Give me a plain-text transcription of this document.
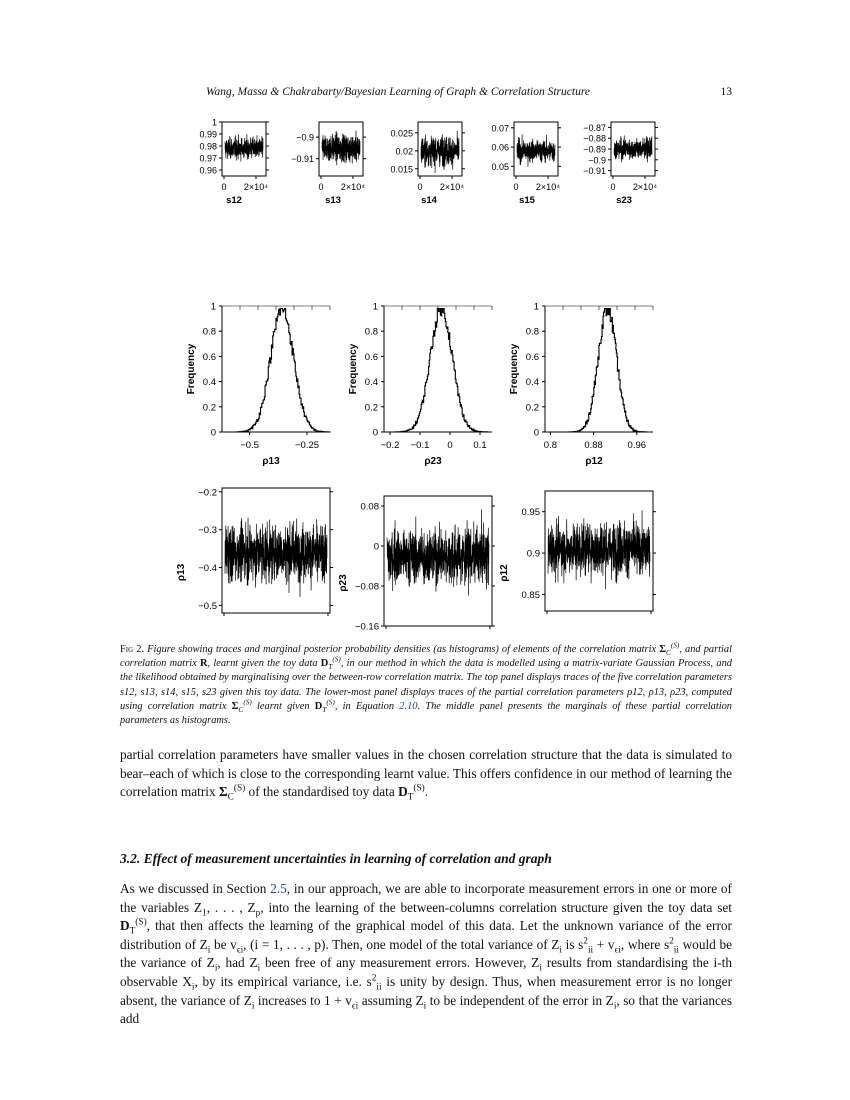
Wang, Massa & Chakrabarty/Bayesian Learning of Graph & Correlation Structure	13
1
0.99
0.98
0.97
0.96
0 2×10⁴
s12
−0.9
−0.91
0 2×10⁴
s13
0.025
0.02
0.015
0 2×10⁴
s14
0.07
0.06
0.05
0 2×10⁴
s15
−0.87
−0.88
−0.89
−0.9
−0.91
0 2×10⁴
s23
1
0.8
0.6
0.4
0.2
0
−0.5	−0.25
Frequency
ρ13
1
0.8
0.6
0.4
0.2
0
−0.2 −0.1 0 0.1
Frequency
ρ23
1
0.8
0.6
0.4
0.2
0
0.8	0.88	0.96
Frequency
ρ12
−0.2
−0.3
−0.4
−0.5
ρ13
0.08
0
−0.08
−0.16
ρ23
0.95
0.9
0.85
ρ12
Fig 2. Figure showing traces and marginal posterior probability densities (as histograms) of elements of the correlation matrix $\Sigma_C^{(S)}$, and partial correlation matrix R, learnt given the toy data $D_T^{(S)}$, in our method in which the data is modelled using a matrix-variate Gaussian Process, and the likelihood obtained by marginalising over the between-row correlation matrix. The top panel displays traces of the five correlation parameters s12, s13, s14, s15, s23 given this toy data. The lower-most panel displays traces of the partial correlation parameters ρ12, ρ13, ρ23, computed using correlation matrix $\Sigma_C^{(S)}$ learnt given $D_T^{(S)}$, in Equation 2.10. The middle panel presents the marginals of these partial correlation parameters as histograms.
partial correlation parameters have smaller values in the chosen correlation structure that the data is simulated to bear–each of which is close to the corresponding learnt value. This offers confidence in our method of learning the correlation matrix $\Sigma_C^{(S)}$ of the standardised toy data $D_T^{(S)}$.
3.2. Effect of measurement uncertainties in learning of correlation and graph
As we discussed in Section 2.5, in our approach, we are able to incorporate measurement errors in one or more of the variables $Z_1$, . . . , $Z_p$, into the learning of the between-columns correlation structure given the toy data set $D_T^{(S)}$, that then affects the learning of the graphical model of this data. Let the unknown variance of the error distribution of $Z_i$ be $v_{\epsilon i}$, (i = 1, . . . , p). Then, one model of the total variance of $Z_i$ is $s^2_{ii} + v_{\epsilon i}$, where $s^2_{ii}$ would be the variance of $Z_i$, had $Z_i$ been free of any measurement errors. However, $Z_i$ results from standardising the i-th observable $X_i$, by its empirical variance, i.e. $s^2_{ii}$ is unity by design. Thus, when measurement error is no longer absent, the variance of $Z_i$ increases to $1 + v_{\epsilon i}$ assuming $Z_i$ to be independent of the error in $Z_i$, so that the variances add
